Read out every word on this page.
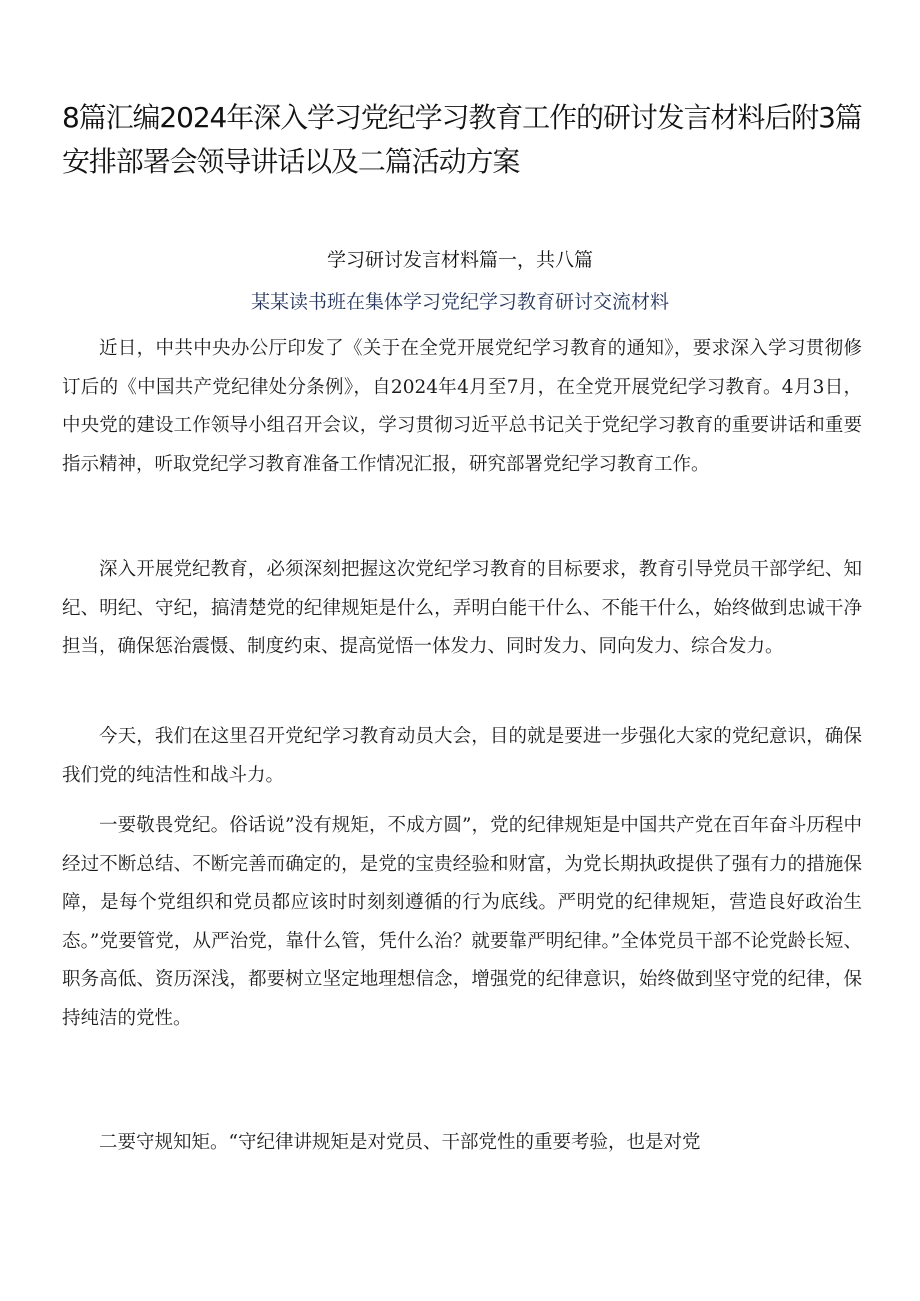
8篇汇编2024年深入学习党纪学习教育工作的研讨发言材料后附3篇安排部署会领导讲话以及二篇活动方案

学习研讨发言材料篇一，共八篇

某某读书班在集体学习党纪学习教育研讨交流材料

近日，中共中央办公厅印发了《关于在全党开展党纪学习教育的通知》，要求深入学习贯彻修订后的《中国共产党纪律处分条例》，自2024年4月至7月，在全党开展党纪学习教育。4月3日，中央党的建设工作领导小组召开会议，学习贯彻习近平总书记关于党纪学习教育的重要讲话和重要指示精神，听取党纪学习教育准备工作情况汇报，研究部署党纪学习教育工作。

深入开展党纪教育，必须深刻把握这次党纪学习教育的目标要求，教育引导党员干部学纪、知纪、明纪、守纪，搞清楚党的纪律规矩是什么，弄明白能干什么、不能干什么，始终做到忠诚干净担当，确保惩治震慑、制度约束、提高觉悟一体发力、同时发力、同向发力、综合发力。

今天，我们在这里召开党纪学习教育动员大会，目的就是要进一步强化大家的党纪意识，确保我们党的纯洁性和战斗力。

一要敬畏党纪。俗话说”没有规矩，不成方圆”，党的纪律规矩是中国共产党在百年奋斗历程中经过不断总结、不断完善而确定的，是党的宝贵经验和财富，为党长期执政提供了强有力的措施保障，是每个党组织和党员都应该时时刻刻遵循的行为底线。严明党的纪律规矩，营造良好政治生态。”党要管党，从严治党，靠什么管，凭什么治？就要靠严明纪律。”全体党员干部不论党龄长短、职务高低、资历深浅，都要树立坚定地理想信念，增强党的纪律意识，始终做到坚守党的纪律，保持纯洁的党性。

二要守规知矩。“守纪律讲规矩是对党员、干部党性的重要考验，也是对党
